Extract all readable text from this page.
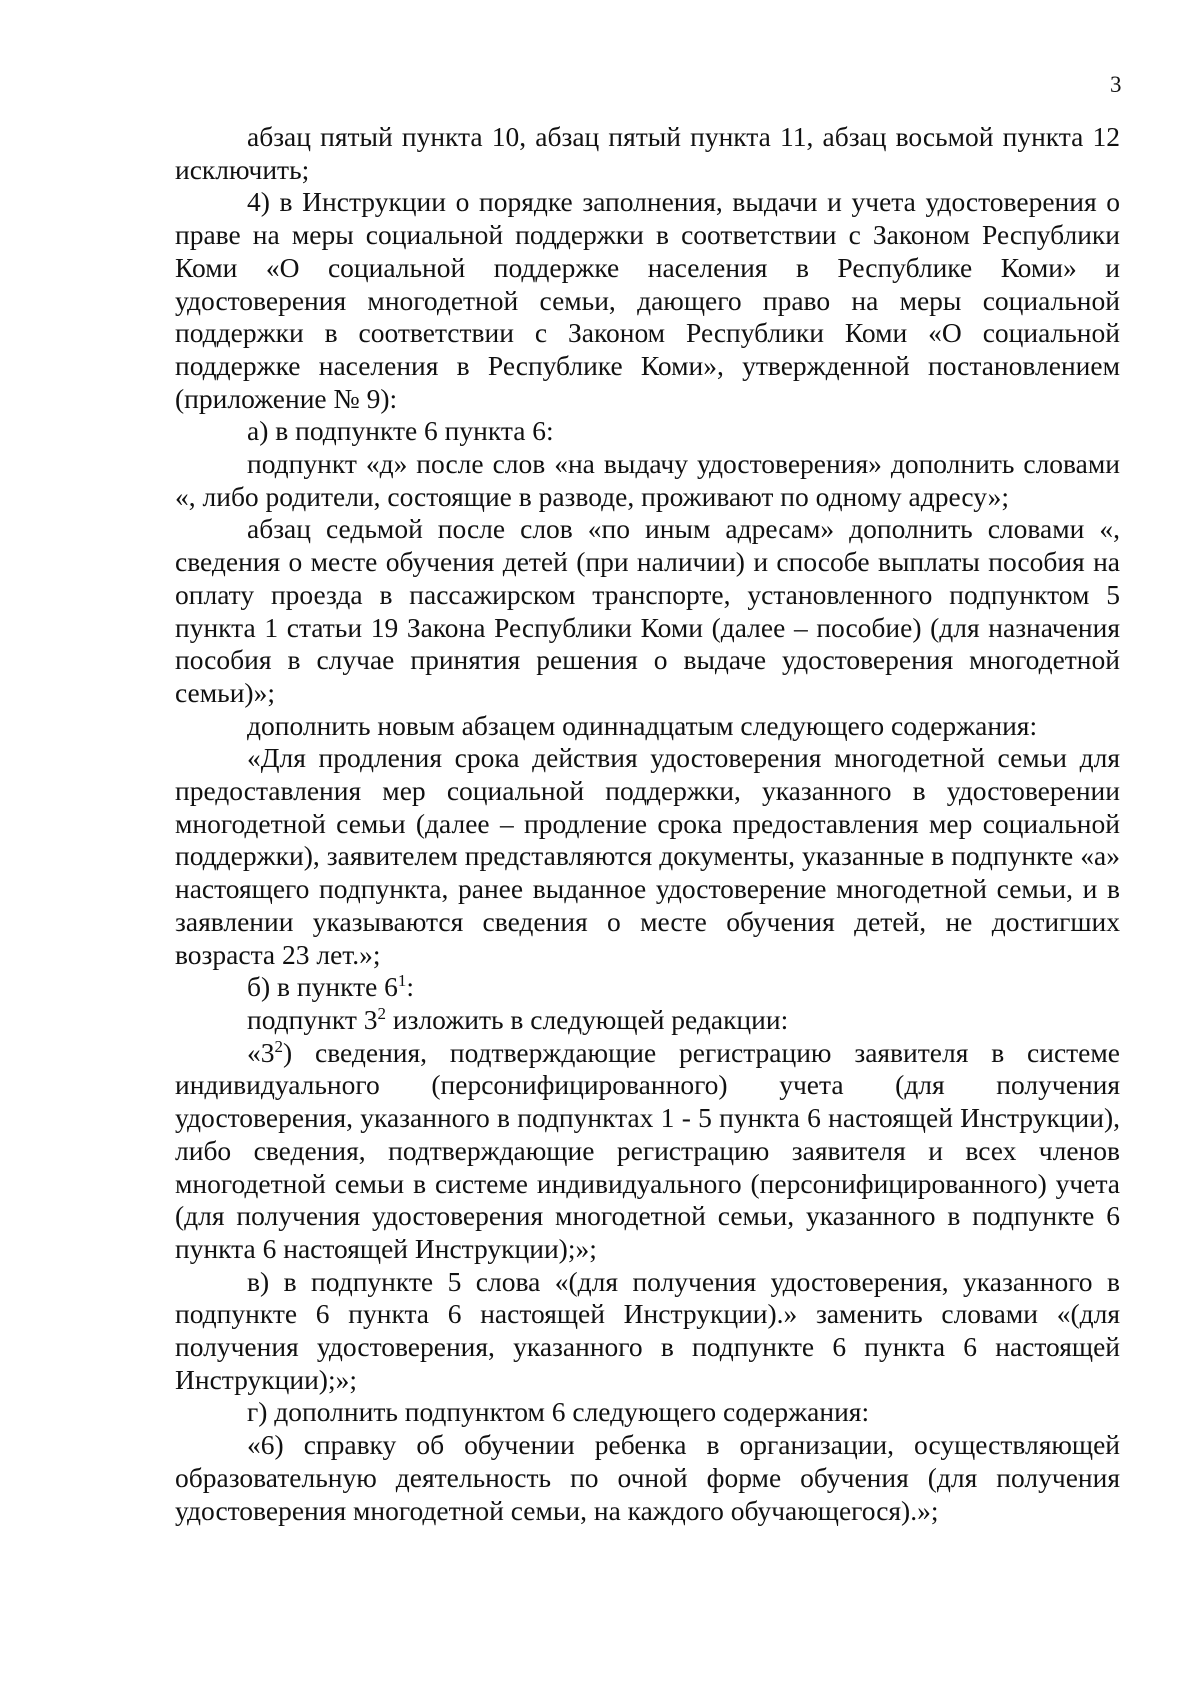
3

абзац пятый пункта 10, абзац пятый пункта 11, абзац восьмой пункта 12 исключить;

4) в Инструкции о порядке заполнения, выдачи и учета удостоверения о праве на меры социальной поддержки в соответствии с Законом Республики Коми «О социальной поддержке населения в Республике Коми» и удостоверения многодетной семьи, дающего право на меры социальной поддержки в соответствии с Законом Республики Коми «О социальной поддержке населения в Республике Коми», утвержденной постановлением (приложение № 9):

а) в подпункте 6 пункта 6:

подпункт «д» после слов «на выдачу удостоверения» дополнить словами «, либо родители, состоящие в разводе, проживают по одному адресу»;

абзац седьмой после слов «по иным адресам» дополнить словами «, сведения о месте обучения детей (при наличии) и способе выплаты пособия на оплату проезда в пассажирском транспорте, установленного подпунктом 5 пункта 1 статьи 19 Закона Республики Коми (далее – пособие) (для назначения пособия в случае принятия решения о выдаче удостоверения многодетной семьи)»;

дополнить новым абзацем одиннадцатым следующего содержания:

«Для продления срока действия удостоверения многодетной семьи для предоставления мер социальной поддержки, указанного в удостоверении многодетной семьи (далее – продление срока предоставления мер социальной поддержки), заявителем представляются документы, указанные в подпункте «а» настоящего подпункта, ранее выданное удостоверение многодетной семьи, и в заявлении указываются сведения о месте обучения детей, не достигших возраста 23 лет.»;

б) в пункте $6^1$:

подпункт $3^2$ изложить в следующей редакции:

«$3^2$) сведения, подтверждающие регистрацию заявителя в системе индивидуального (персонифицированного) учета (для получения удостоверения, указанного в подпунктах 1 - 5 пункта 6 настоящей Инструкции), либо сведения, подтверждающие регистрацию заявителя и всех членов многодетной семьи в системе индивидуального (персонифицированного) учета (для получения удостоверения многодетной семьи, указанного в подпункте 6 пункта 6 настоящей Инструкции);»;

в) в подпункте 5 слова «(для получения удостоверения, указанного в подпункте 6 пункта 6 настоящей Инструкции).» заменить словами «(для получения удостоверения, указанного в подпункте 6 пункта 6 настоящей Инструкции);»;

г) дополнить подпунктом 6 следующего содержания:

«6) справку об обучении ребенка в организации, осуществляющей образовательную деятельность по очной форме обучения (для получения удостоверения многодетной семьи, на каждого обучающегося).»;
